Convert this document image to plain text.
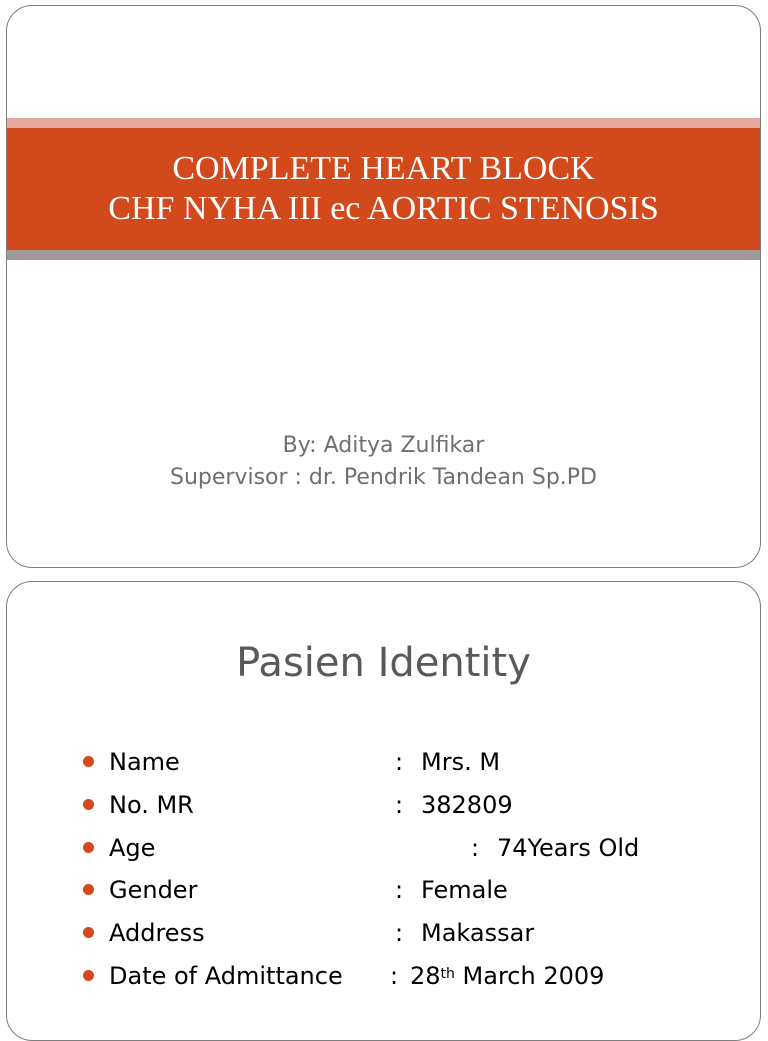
COMPLETE HEART BLOCK
CHF NYHA III ec AORTIC STENOSIS
By: Aditya Zulfikar
Supervisor : dr. Pendrik Tandean Sp.PD
Pasien Identity
Name	: Mrs. M
No. MR	: 382809
Age	: 74Years Old
Gender	: Female
Address	: Makassar
Date of Admittance : 28th March 2009
